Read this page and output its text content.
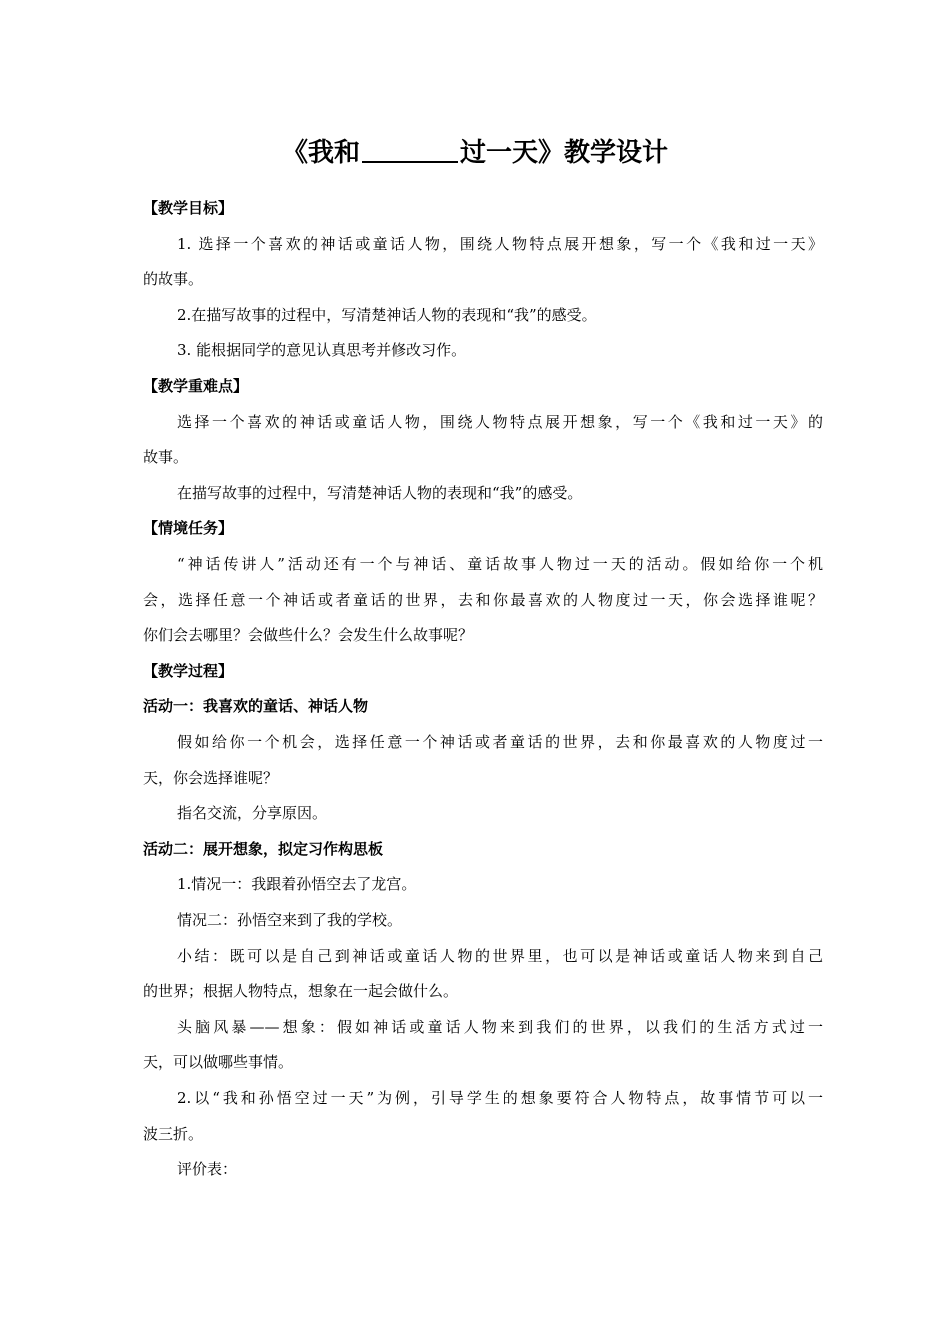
《我和	过一天》教学设计
【教学目标】
1. 选择一个喜欢的神话或童话人物，围绕人物特点展开想象，写一个《我和过一天》
的故事。
2.在描写故事的过程中，写清楚神话人物的表现和“我”的感受。
3. 能根据同学的意见认真思考并修改习作。
【教学重难点】
选择一个喜欢的神话或童话人物，围绕人物特点展开想象，写一个《我和过一天》的
故事。
在描写故事的过程中，写清楚神话人物的表现和“我”的感受。
【情境任务】
“神话传讲人”活动还有一个与神话、童话故事人物过一天的活动。假如给你一个机
会，选择任意一个神话或者童话的世界，去和你最喜欢的人物度过一天，你会选择谁呢？
你们会去哪里？会做些什么？会发生什么故事呢？
【教学过程】
活动一：我喜欢的童话、神话人物
假如给你一个机会，选择任意一个神话或者童话的世界，去和你最喜欢的人物度过一
天，你会选择谁呢？
指名交流，分享原因。
活动二：展开想象，拟定习作构思板
1.情况一：我跟着孙悟空去了龙宫。
情况二：孙悟空来到了我的学校。
小结：既可以是自己到神话或童话人物的世界里，也可以是神话或童话人物来到自己
的世界；根据人物特点，想象在一起会做什么。
头脑风暴——想象：假如神话或童话人物来到我们的世界，以我们的生活方式过一
天，可以做哪些事情。
2.以“我和孙悟空过一天”为例，引导学生的想象要符合人物特点，故事情节可以一
波三折。
评价表：
